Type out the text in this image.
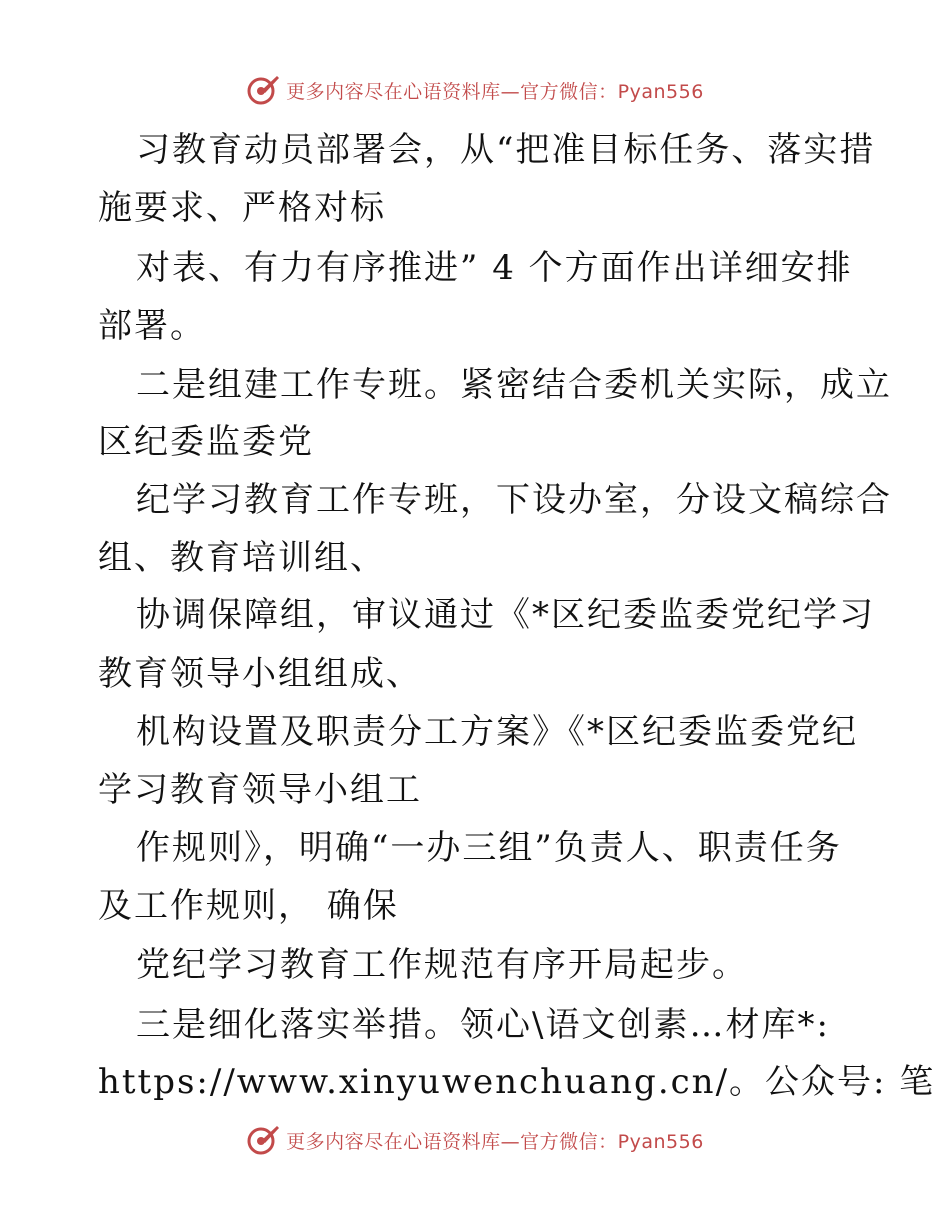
更多内容尽在心语资料库—官方微信：Pyan556
习教育动员部署会，从“把准目标任务、落实措
施要求、严格对标
对表、有力有序推进” 4 个方面作出详细安排
部署。
二是组建工作专班。紧密结合委机关实际，成立
区纪委监委党
纪学习教育工作专班，下设办室，分设文稿综合
组、教育培训组、
协调保障组，审议通过《*区纪委监委党纪学习
教育领导小组组成、
机构设置及职责分工方案》《*区纪委监委党纪
学习教育领导小组工
作规则》，明确“一办三组”负责人、职责任务
及工作规则， 确保
党纪学习教育工作规范有序开局起步。
三是细化落实举措。领心\语文创素…材库*:
https://www.xinyuwenchuang.cn/。公众号: 笔
更多内容尽在心语资料库—官方微信：Pyan556
